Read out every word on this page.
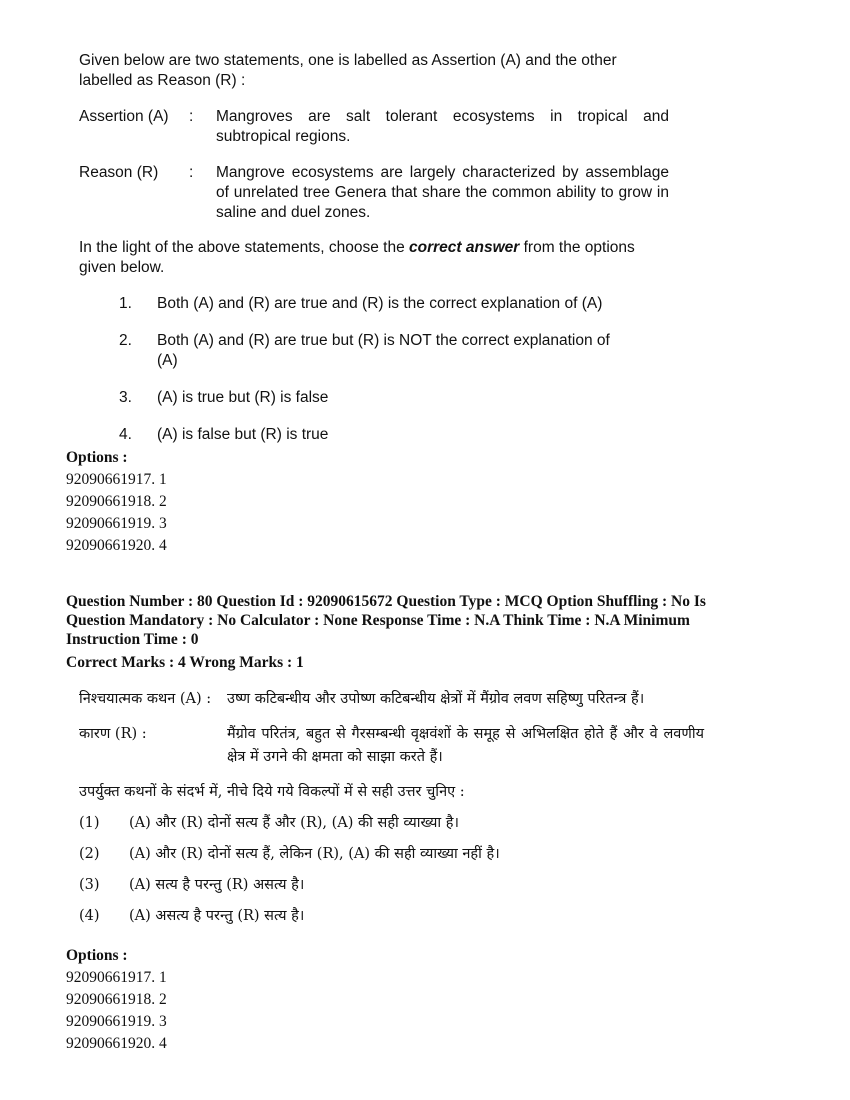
Given below are two statements, one is labelled as Assertion (A) and the other labelled as Reason (R) :

Assertion (A)	:	Mangroves are salt tolerant ecosystems in tropical and subtropical regions.
Reason (R)	:	Mangrove ecosystems are largely characterized by assemblage of unrelated tree Genera that share the common ability to grow in saline and duel zones.
In the light of the above statements, choose the correct answer from the options given below.
1.	Both (A) and (R) are true and (R) is the correct explanation of (A)
2.	Both (A) and (R) are true but (R) is NOT the correct explanation of (A)
3.	(A) is true but (R) is false
4.	(A) is false but (R) is true
Options :
92090661917. 1
92090661918. 2
92090661919. 3
92090661920. 4
Question Number : 80 Question Id : 92090615672 Question Type : MCQ Option Shuffling : No Is Question Mandatory : No Calculator : None Response Time : N.A Think Time : N.A Minimum Instruction Time : 0
Correct Marks : 4 Wrong Marks : 1
निश्चयात्मक कथन (A) :	उष्ण कटिबन्धीय और उपोष्ण कटिबन्धीय क्षेत्रों में मैंग्रोव लवण सहिष्णु परितन्त्र हैं।
कारण (R) :	मैंग्रोव परितंत्र, बहुत से गैरसम्बन्धी वृक्षवंशों के समूह से अभिलक्षित होते हैं और वे लवणीय क्षेत्र में उगने की क्षमता को साझा करते हैं।
उपर्युक्त कथनों के संदर्भ में, नीचे दिये गये विकल्पों में से सही उत्तर चुनिए :
(1)	(A) और (R) दोनों सत्य हैं और (R), (A) की सही व्याख्या है।
(2)	(A) और (R) दोनों सत्य हैं, लेकिन (R), (A) की सही व्याख्या नहीं है।
(3)	(A) सत्य है परन्तु (R) असत्य है।
(4)	(A) असत्य है परन्तु (R) सत्य है।
Options :
92090661917. 1
92090661918. 2
92090661919. 3
92090661920. 4
